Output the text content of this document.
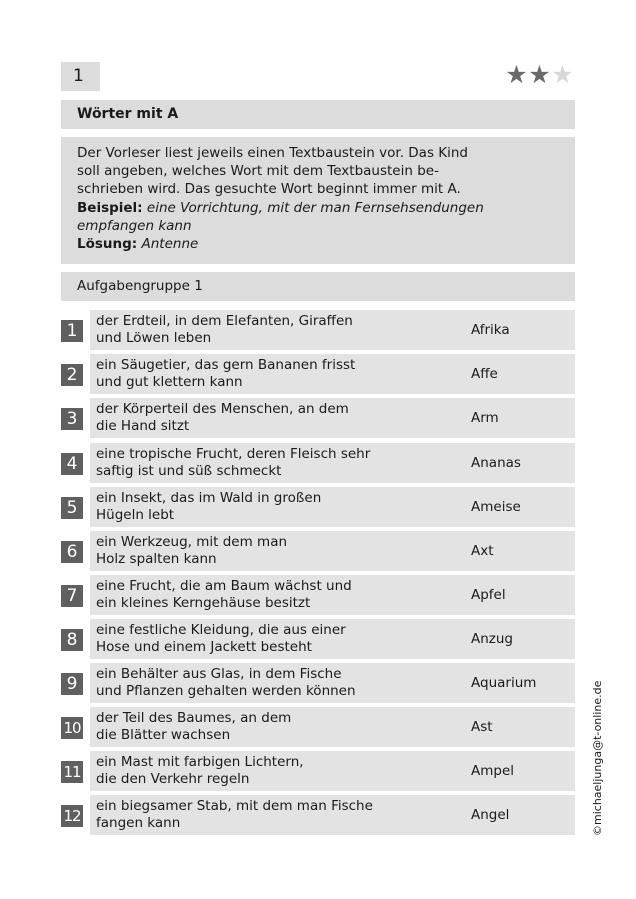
1	★ ★ ★
Wörter mit A
Der Vorleser liest jeweils einen Textbaustein vor. Das Kind
soll angeben, welches Wort mit dem Textbaustein be-
schrieben wird. Das gesuchte Wort beginnt immer mit A.
Beispiel: eine Vorrichtung, mit der man Fernsehsendungen
empfangen kann
Lösung: Antenne
Aufgabengruppe 1
1	der Erdteil, in dem Elefanten, Giraffen
und Löwen leben	Afrika
2	ein Säugetier, das gern Bananen frisst
und gut klettern kann	Affe
3	der Körperteil des Menschen, an dem
die Hand sitzt	Arm
4	eine tropische Frucht, deren Fleisch sehr
saftig ist und süß schmeckt	Ananas
5	ein Insekt, das im Wald in großen
Hügeln lebt	Ameise
6	ein Werkzeug, mit dem man
Holz spalten kann	Axt
7	eine Frucht, die am Baum wächst und
ein kleines Kerngehäuse besitzt	Apfel
8	eine festliche Kleidung, die aus einer
Hose und einem Jackett besteht	Anzug
9	ein Behälter aus Glas, in dem Fische
und Pflanzen gehalten werden können	Aquarium
10
der Teil des Baumes, an dem
die Blätter wachsen	Ast
11
ein Mast mit farbigen Lichtern,
die den Verkehr regeln	Ampel
12
ein biegsamer Stab, mit dem man Fische
fangen kann	Angel	©michaeljunga@t-online.de
